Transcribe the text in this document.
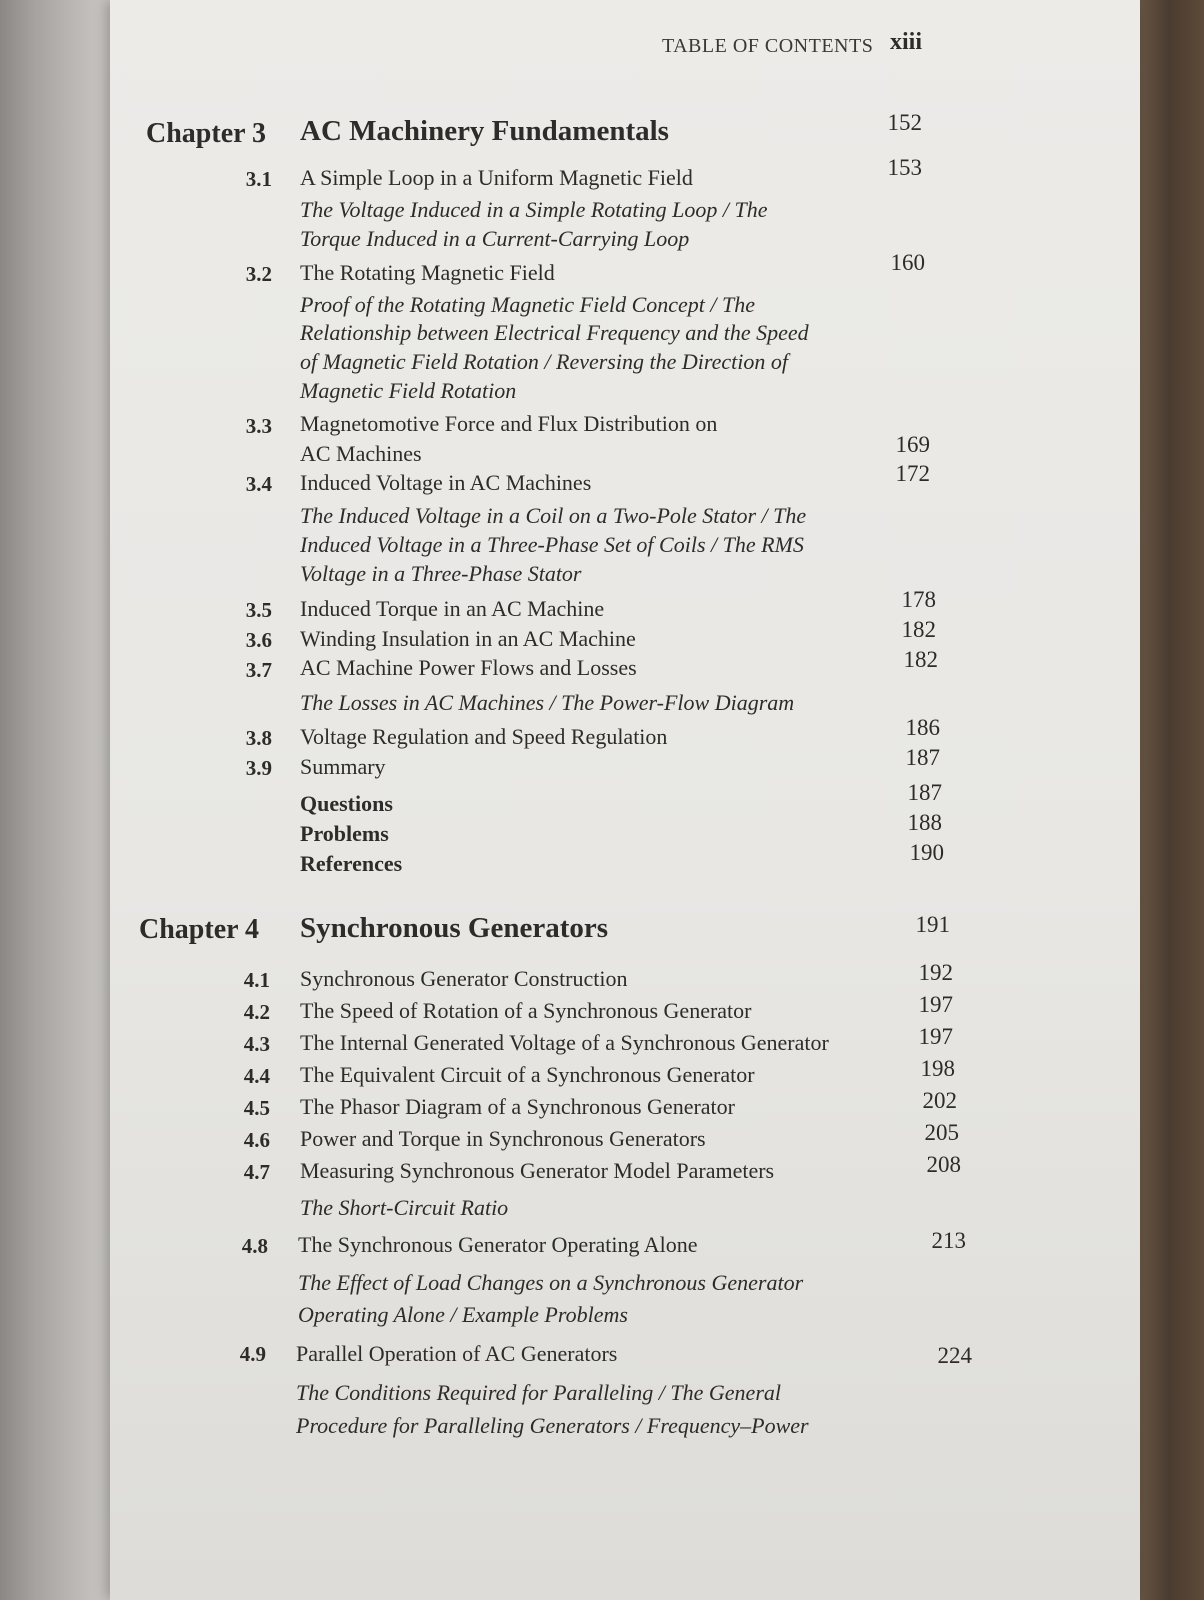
TABLE OF CONTENTS xiii
Chapter 3 AC Machinery Fundamentals	152
3.1 A Simple Loop in a Uniform Magnetic Field	153
The Voltage Induced in a Simple Rotating Loop / The
Torque Induced in a Current-Carrying Loop
3.2 The Rotating Magnetic Field	160
Proof of the Rotating Magnetic Field Concept / The
Relationship between Electrical Frequency and the Speed
of Magnetic Field Rotation / Reversing the Direction of
Magnetic Field Rotation
3.3 Magnetomotive Force and Flux Distribution on
AC Machines	169
3.4 Induced Voltage in AC Machines	172
The Induced Voltage in a Coil on a Two-Pole Stator / The
Induced Voltage in a Three-Phase Set of Coils / The RMS
Voltage in a Three-Phase Stator
3.5 Induced Torque in an AC Machine	178
3.6 Winding Insulation in an AC Machine	182
3.7 AC Machine Power Flows and Losses	182
The Losses in AC Machines / The Power-Flow Diagram
3.8 Voltage Regulation and Speed Regulation	186
3.9 Summary	187
Questions	187
Problems	188
References	190
Chapter 4 Synchronous Generators	191
4.1 Synchronous Generator Construction	192
4.2 The Speed of Rotation of a Synchronous Generator	197
4.3 The Internal Generated Voltage of a Synchronous Generator	197
4.4 The Equivalent Circuit of a Synchronous Generator	198
4.5 The Phasor Diagram of a Synchronous Generator	202
4.6 Power and Torque in Synchronous Generators	205
4.7 Measuring Synchronous Generator Model Parameters	208
The Short-Circuit Ratio
4.8 The Synchronous Generator Operating Alone	213
The Effect of Load Changes on a Synchronous Generator
Operating Alone / Example Problems
4.9 Parallel Operation of AC Generators	224
The Conditions Required for Paralleling / The General
Procedure for Paralleling Generators / Frequency–Power
